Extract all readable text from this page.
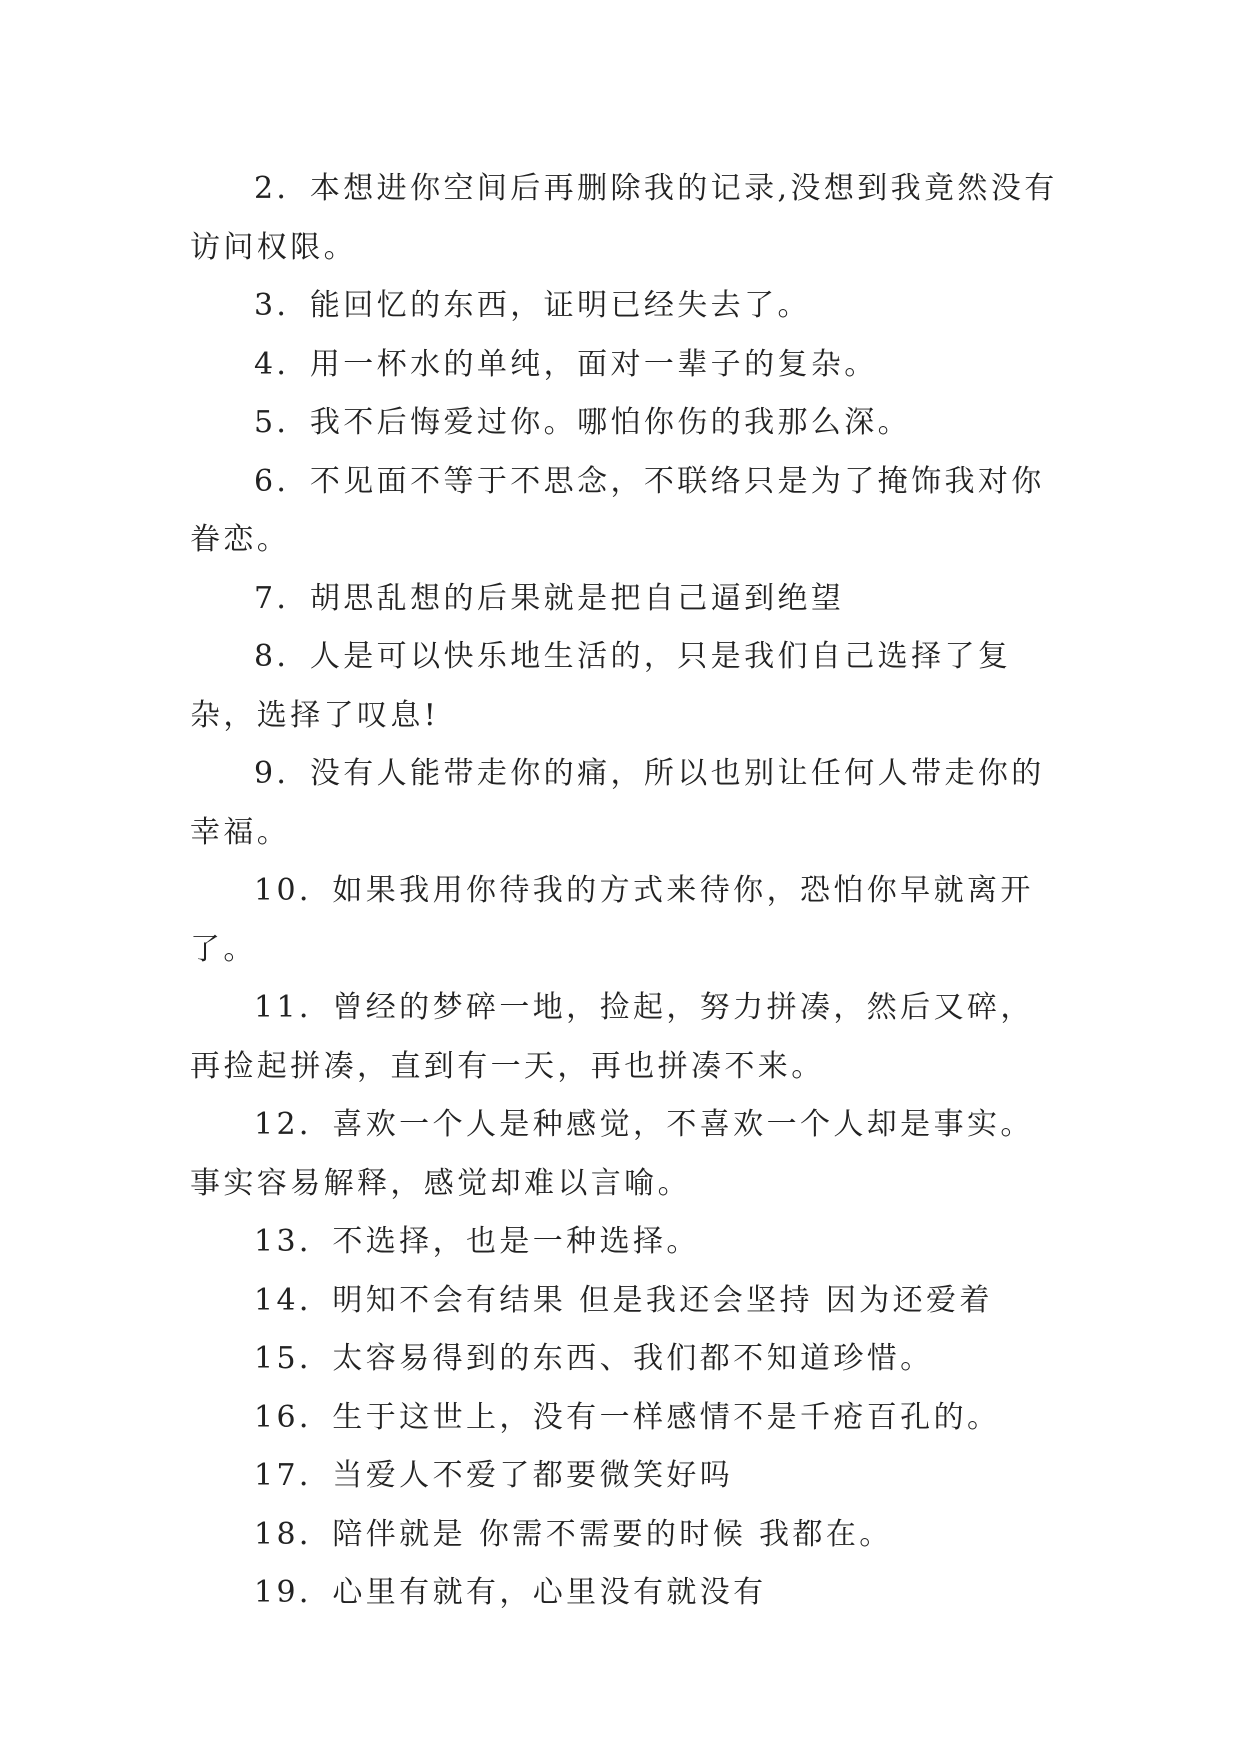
2．本想进你空间后再删除我的记录,没想到我竟然没有访问权限。

3．能回忆的东西，证明已经失去了。

4．用一杯水的单纯，面对一辈子的复杂。

5．我不后悔爱过你。哪怕你伤的我那么深。

6．不见面不等于不思念，不联络只是为了掩饰我对你眷恋。

7．胡思乱想的后果就是把自己逼到绝望

8．人是可以快乐地生活的，只是我们自己选择了复杂，选择了叹息!

9．没有人能带走你的痛，所以也别让任何人带走你的幸福。

10．如果我用你待我的方式来待你，恐怕你早就离开了。

11．曾经的梦碎一地，捡起，努力拼凑，然后又碎，再捡起拼凑，直到有一天，再也拼凑不来。

12．喜欢一个人是种感觉，不喜欢一个人却是事实。事实容易解释，感觉却难以言喻。

13．不选择，也是一种选择。

14．明知不会有结果 但是我还会坚持 因为还爱着

15．太容易得到的东西、我们都不知道珍惜。

16．生于这世上，没有一样感情不是千疮百孔的。

17．当爱人不爱了都要微笑好吗

18．陪伴就是 你需不需要的时候 我都在。

19．心里有就有，心里没有就没有
